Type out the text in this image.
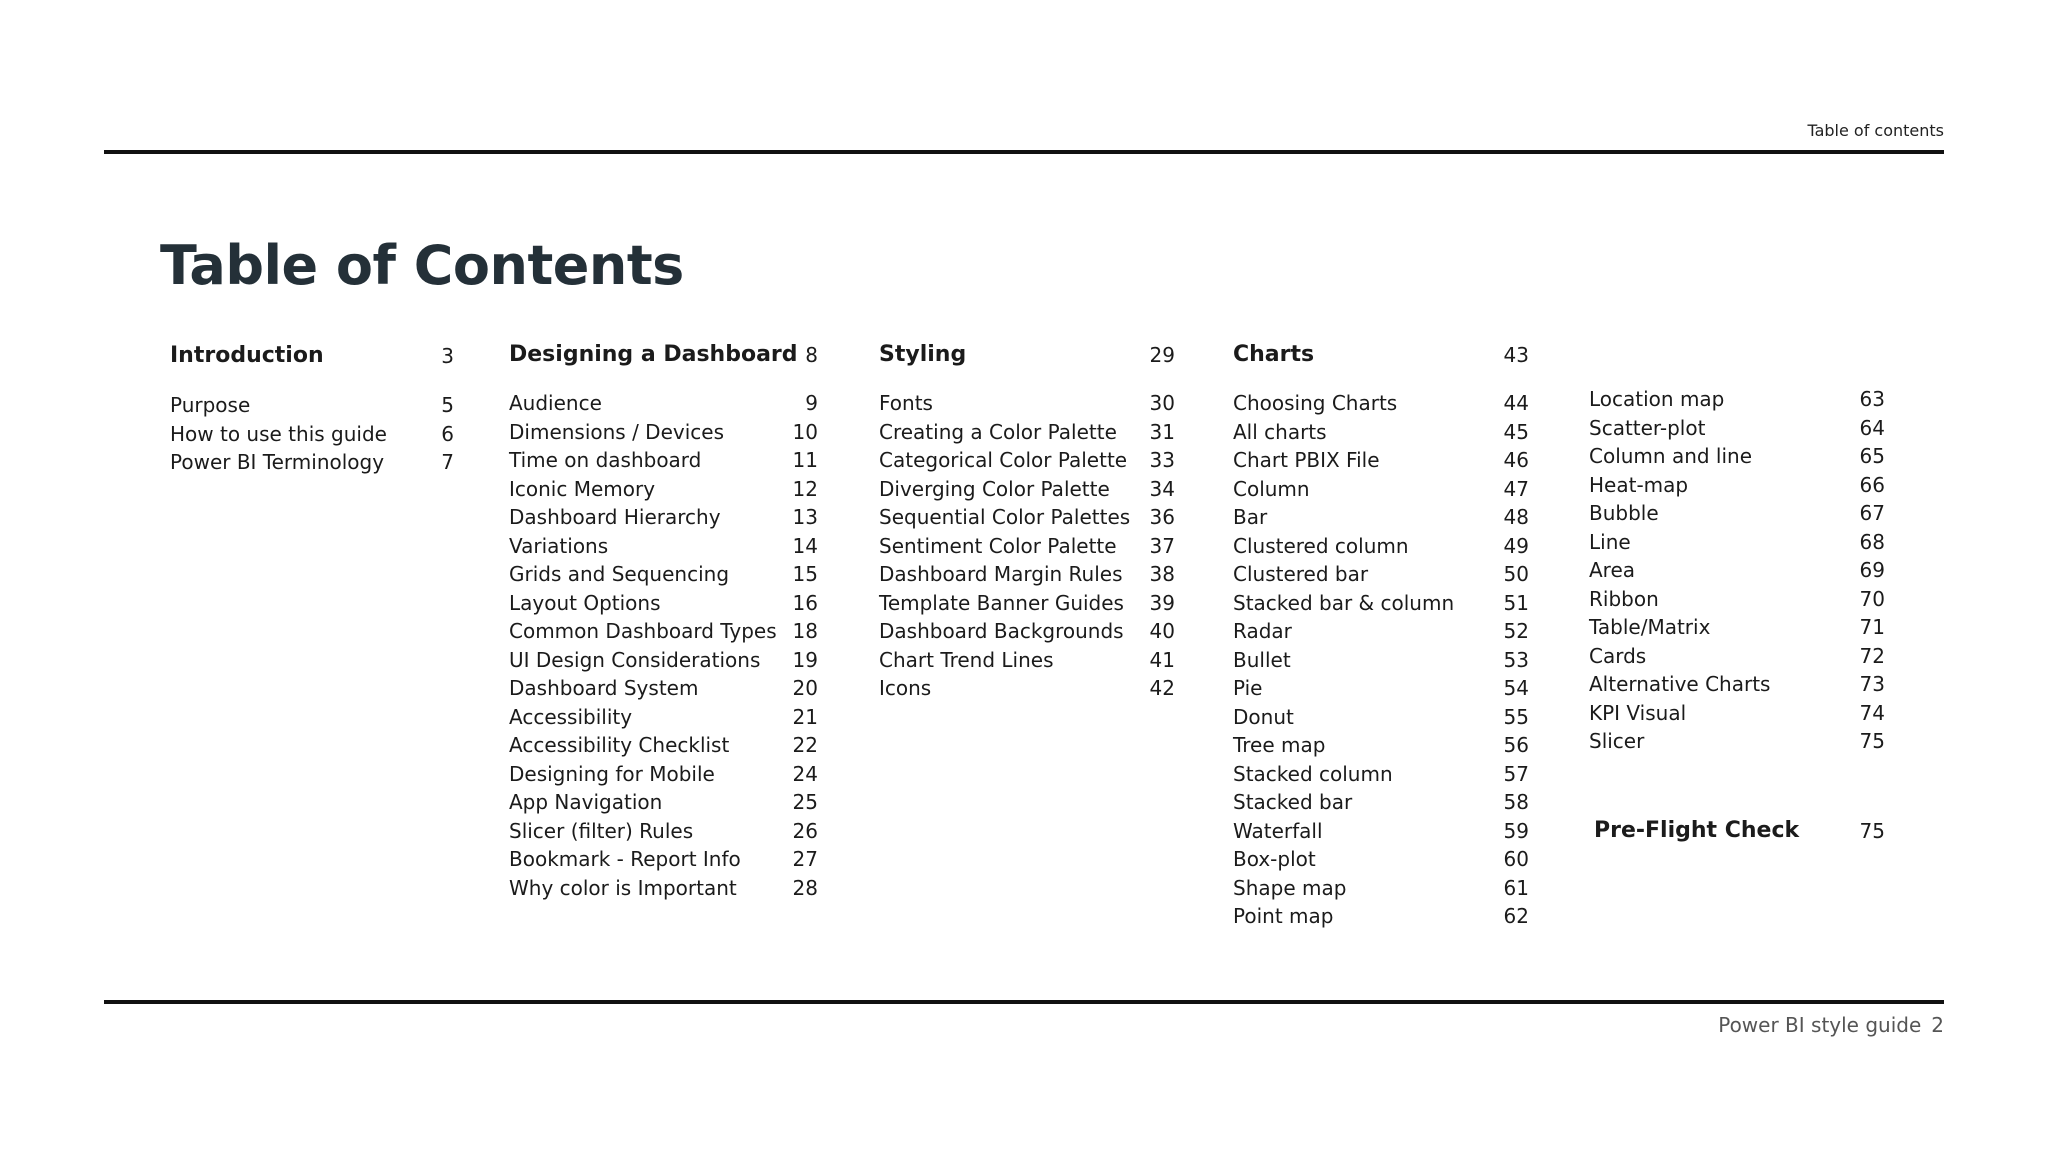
Table of contents
Table of Contents
Introduction	3
Purpose	5
How to use this guide	6
Power BI Terminology	7
Designing a Dashboard 8
Audience	9
Dimensions / Devices	10
Time on dashboard	11
Iconic Memory	12
Dashboard Hierarchy	13
Variations	14
Grids and Sequencing	15
Layout Options	16
Common Dashboard Types 18
UI Design Considerations 19
Dashboard System	20
Accessibility	21
Accessibility Checklist	22
Designing for Mobile	24
App Navigation	25
Slicer (filter) Rules	26
Bookmark - Report Info	27
Why color is Important	28
Styling	29
Fonts	30
Creating a Color Palette 31
Categorical Color Palette 33
Diverging Color Palette 34
Sequential Color Palettes 36
Sentiment Color Palette 37
Dashboard Margin Rules 38
Template Banner Guides 39
Dashboard Backgrounds 40
Chart Trend Lines	41
Icons	42
Charts	43
Choosing Charts	44
All charts	45
Chart PBIX File	46
Column	47
Bar	48
Clustered column	49
Clustered bar	50
Stacked bar & column 51
Radar	52
Bullet	53
Pie	54
Donut	55
Tree map	56
Stacked column	57
Stacked bar	58
Waterfall	59
Box-plot	60
Shape map	61
Point map	62
Location map	63
Scatter-plot	64
Column and line	65
Heat-map	66
Bubble	67
Line	68
Area	69
Ribbon	70
Table/Matrix	71
Cards	72
Alternative Charts	73
KPI Visual	74
Slicer	75
Pre-Flight Check	75
Power BI style guide 2
